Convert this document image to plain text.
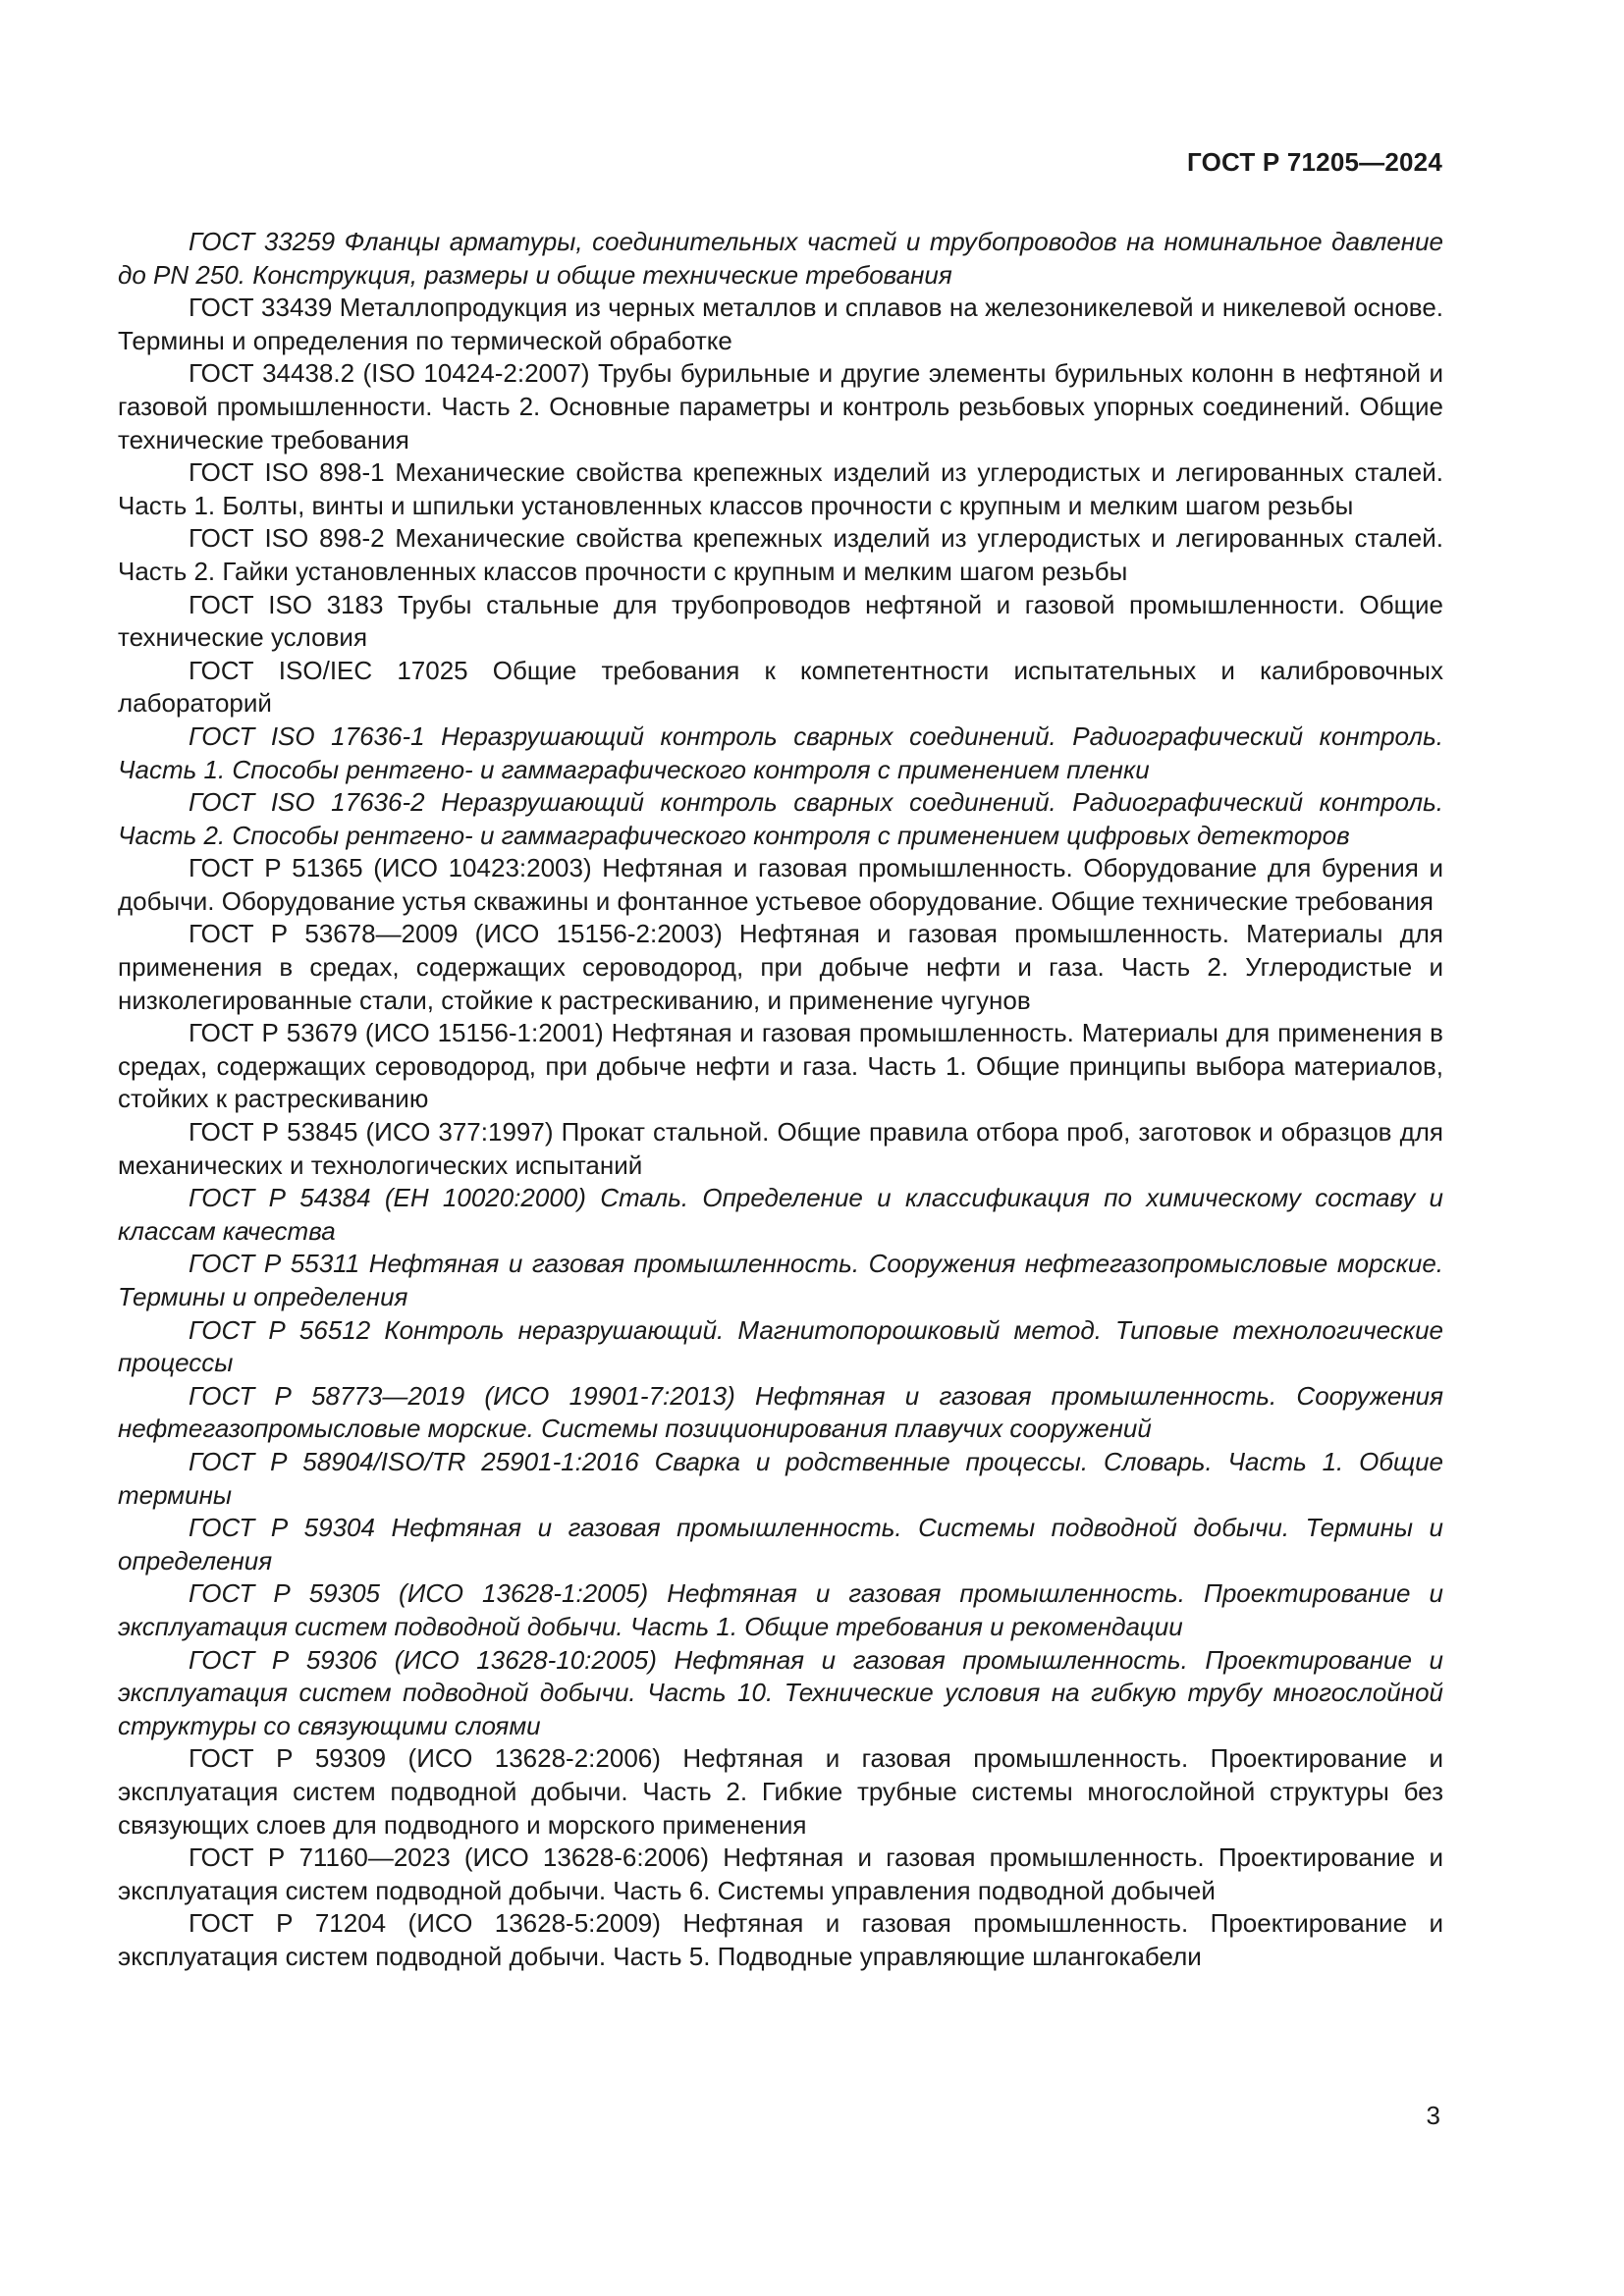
ГОСТ Р 71205—2024

ГОСТ 33259 Фланцы арматуры, соединительных частей и трубопроводов на номинальное давление до PN 250. Конструкция, размеры и общие технические требования

ГОСТ 33439 Металлопродукция из черных металлов и сплавов на железоникелевой и никелевой основе. Термины и определения по термической обработке

ГОСТ 34438.2 (ISO 10424-2:2007) Трубы бурильные и другие элементы бурильных колонн в нефтяной и газовой промышленности. Часть 2. Основные параметры и контроль резьбовых упорных соединений. Общие технические требования

ГОСТ ISO 898-1 Механические свойства крепежных изделий из углеродистых и легированных сталей. Часть 1. Болты, винты и шпильки установленных классов прочности с крупным и мелким шагом резьбы

ГОСТ ISO 898-2 Механические свойства крепежных изделий из углеродистых и легированных сталей. Часть 2. Гайки установленных классов прочности с крупным и мелким шагом резьбы

ГОСТ ISO 3183 Трубы стальные для трубопроводов нефтяной и газовой промышленности. Общие технические условия

ГОСТ ISO/IEC 17025 Общие требования к компетентности испытательных и калибровочных лабораторий

ГОСТ ISO 17636-1 Неразрушающий контроль сварных соединений. Радиографический контроль. Часть 1. Способы рентгено- и гаммаграфического контроля с применением пленки

ГОСТ ISO 17636-2 Неразрушающий контроль сварных соединений. Радиографический контроль. Часть 2. Способы рентгено- и гаммаграфического контроля с применением цифровых детекторов

ГОСТ Р 51365 (ИСО 10423:2003) Нефтяная и газовая промышленность. Оборудование для бурения и добычи. Оборудование устья скважины и фонтанное устьевое оборудование. Общие технические требования

ГОСТ Р 53678—2009 (ИСО 15156-2:2003) Нефтяная и газовая промышленность. Материалы для применения в средах, содержащих сероводород, при добыче нефти и газа. Часть 2. Углеродистые и низколегированные стали, стойкие к растрескиванию, и применение чугунов

ГОСТ Р 53679 (ИСО 15156-1:2001) Нефтяная и газовая промышленность. Материалы для применения в средах, содержащих сероводород, при добыче нефти и газа. Часть 1. Общие принципы выбора материалов, стойких к растрескиванию

ГОСТ Р 53845 (ИСО 377:1997) Прокат стальной. Общие правила отбора проб, заготовок и образцов для механических и технологических испытаний

ГОСТ Р 54384 (ЕН 10020:2000) Сталь. Определение и классификация по химическому составу и классам качества

ГОСТ Р 55311 Нефтяная и газовая промышленность. Сооружения нефтегазопромысловые морские. Термины и определения

ГОСТ Р 56512 Контроль неразрушающий. Магнитопорошковый метод. Типовые технологические процессы

ГОСТ Р 58773—2019 (ИСО 19901-7:2013) Нефтяная и газовая промышленность. Сооружения нефтегазопромысловые морские. Системы позиционирования плавучих сооружений

ГОСТ Р 58904/ISO/TR 25901-1:2016 Сварка и родственные процессы. Словарь. Часть 1. Общие термины

ГОСТ Р 59304 Нефтяная и газовая промышленность. Системы подводной добычи. Термины и определения

ГОСТ Р 59305 (ИСО 13628-1:2005) Нефтяная и газовая промышленность. Проектирование и эксплуатация систем подводной добычи. Часть 1. Общие требования и рекомендации

ГОСТ Р 59306 (ИСО 13628-10:2005) Нефтяная и газовая промышленность. Проектирование и эксплуатация систем подводной добычи. Часть 10. Технические условия на гибкую трубу многослойной структуры со связующими слоями

ГОСТ Р 59309 (ИСО 13628-2:2006) Нефтяная и газовая промышленность. Проектирование и эксплуатация систем подводной добычи. Часть 2. Гибкие трубные системы многослойной структуры без связующих слоев для подводного и морского применения

ГОСТ Р 71160—2023 (ИСО 13628-6:2006) Нефтяная и газовая промышленность. Проектирование и эксплуатация систем подводной добычи. Часть 6. Системы управления подводной добычей

ГОСТ Р 71204 (ИСО 13628-5:2009) Нефтяная и газовая промышленность. Проектирование и эксплуатация систем подводной добычи. Часть 5. Подводные управляющие шлангокабели

3
